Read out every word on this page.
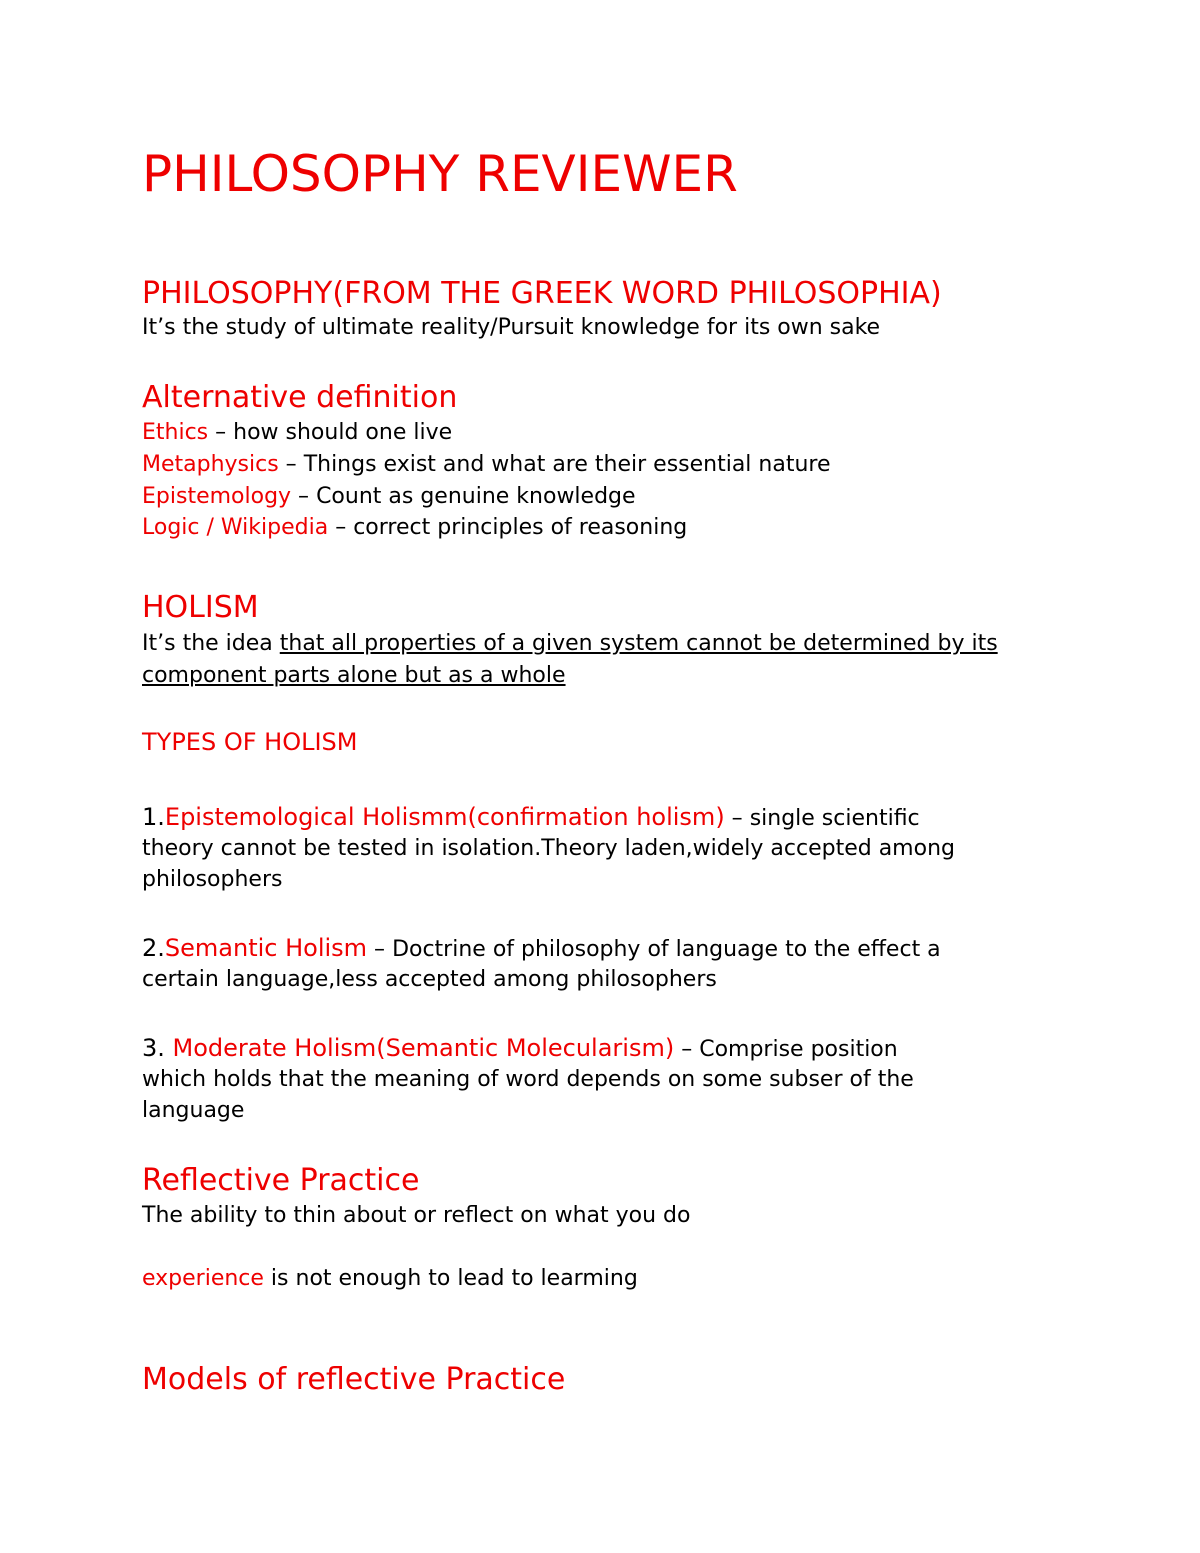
PHILOSOPHY REVIEWER
PHILOSOPHY(FROM THE GREEK WORD PHILOSOPHIA)
It’s the study of ultimate reality/Pursuit knowledge for its own sake
Alternative definition
Ethics – how should one live
Metaphysics – Things exist and what are their essential nature
Epistemology – Count as genuine knowledge
Logic / Wikipedia – correct principles of reasoning
HOLISM
It’s the idea that all properties of a given system cannot be determined by its
component parts alone but as a whole
TYPES OF HOLISM
1.Epistemological Holismm(confirmation holism) – single scientific
theory cannot be tested in isolation.Theory laden,widely accepted among
philosophers
2.Semantic Holism – Doctrine of philosophy of language to the effect a
certain language,less accepted among philosophers
3. Moderate Holism(Semantic Molecularism) – Comprise position
which holds that the meaning of word depends on some subser of the
language
Reflective Practice
The ability to thin about or reflect on what you do
experience is not enough to lead to learming
Models of reflective Practice
